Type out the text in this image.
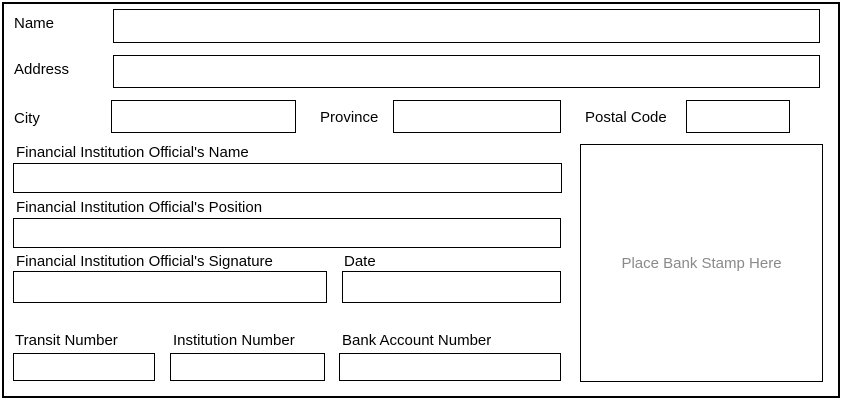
Name
Address
City	Province	Postal Code
Financial Institution Official's Name
Financial Institution Official's Position
Financial Institution Official's Signature	Date
Transit Number	Institution Number	Bank Account Number
Place Bank Stamp Here
